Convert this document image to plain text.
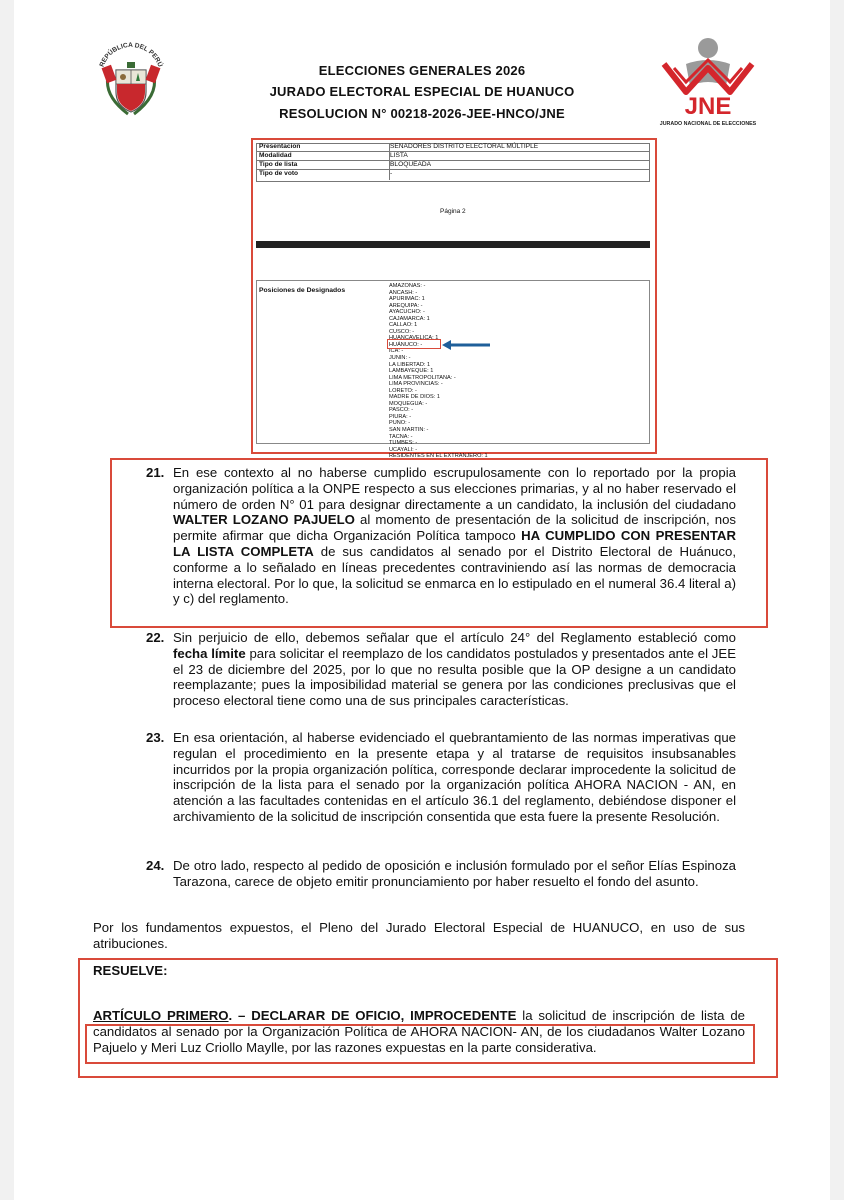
REPÚBLICA DEL PERÚ	ELECCIONES GENERALES 2026
JURADO ELECTORAL ESPECIAL DE HUANUCO
RESOLUCION N° 00218-2026-JEE-HNCO/JNE	JNE
JURADO NACIONAL DE ELECCIONES
Presentacion	SENADORES DISTRITO ELECTORAL MÚLTIPLE
Modalidad	LISTA
Tipo de lista	BLOQUEADA
Tipo de voto	-
Página 2
Posiciones de Designados
AMAZONAS: -
ANCASH: -
APURIMAC: 1
AREQUIPA: -
AYACUCHO: -
CAJAMARCA: 1
CALLAO: 1
CUSCO: -
HUANCAVELICA: 1
HUÁNUCO: -
ICA: -
JUNIN: -
LA LIBERTAD: 1
LAMBAYEQUE: 1
LIMA METROPOLITANA: -
LIMA PROVINCIAS: -
LORETO: -
MADRE DE DIOS: 1
MOQUEGUA: -
PASCO: -
PIURA: -
PUNO: -
SAN MARTIN: -
TACNA: -
TUMBES: -
UCAYALI: -
RESIDENTES EN EL EXTRANJERO: 1
21. En ese contexto al no haberse cumplido escrupulosamente con lo reportado por la propia organización política a la ONPE respecto a sus elecciones primarias, y al no haber reservado el número de orden N° 01 para designar directamente a un candidato, la inclusión del ciudadano WALTER LOZANO PAJUELO al momento de presentación de la solicitud de inscripción, nos permite afirmar que dicha Organización Política tampoco HA CUMPLIDO CON PRESENTAR LA LISTA COMPLETA de sus candidatos al senado por el Distrito Electoral de Huánuco, conforme a lo señalado en líneas precedentes contraviniendo así las normas de democracia interna electoral. Por lo que, la solicitud se enmarca en lo estipulado en el numeral 36.4 literal a) y c) del reglamento.
22. Sin perjuicio de ello, debemos señalar que el artículo 24° del Reglamento estableció como fecha límite para solicitar el reemplazo de los candidatos postulados y presentados ante el JEE el 23 de diciembre del 2025, por lo que no resulta posible que la OP designe a un candidato reemplazante; pues la imposibilidad material se genera por las condiciones preclusivas que el proceso electoral tiene como una de sus principales características.
23. En esa orientación, al haberse evidenciado el quebrantamiento de las normas imperativas que regulan el procedimiento en la presente etapa y al tratarse de requisitos insubsanables incurridos por la propia organización política, corresponde declarar improcedente la solicitud de inscripción de la lista para el senado por la organización política AHORA NACION - AN, en atención a las facultades contenidas en el artículo 36.1 del reglamento, debiéndose disponer el archivamiento de la solicitud de inscripción consentida que esta fuere la presente Resolución.
24. De otro lado, respecto al pedido de oposición e inclusión formulado por el señor Elías Espinoza Tarazona, carece de objeto emitir pronunciamiento por haber resuelto el fondo del asunto.
Por los fundamentos expuestos, el Pleno del Jurado Electoral Especial de HUANUCO, en uso de sus atribuciones.
RESUELVE:
ARTÍCULO PRIMERO. – DECLARAR DE OFICIO, IMPROCEDENTE la solicitud de inscripción de lista de candidatos al senado por la Organización Política de AHORA NACION- AN, de los ciudadanos Walter Lozano Pajuelo y Meri Luz Criollo Maylle, por las razones expuestas en la parte considerativa.
